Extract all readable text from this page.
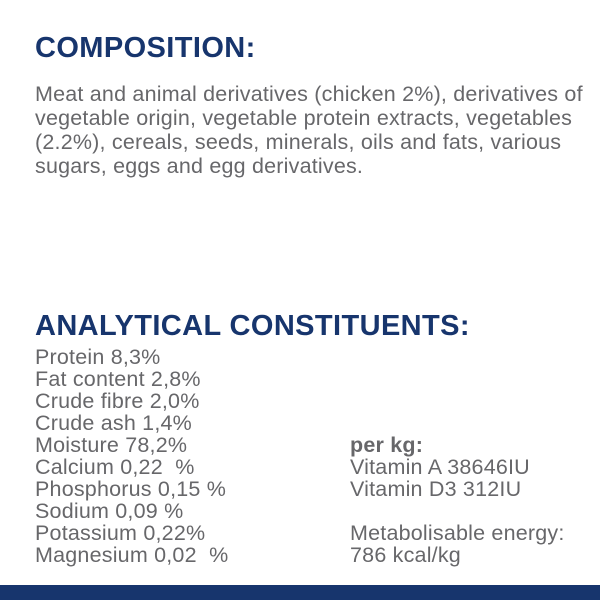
COMPOSITION:

Meat and animal derivatives (chicken 2%), derivatives of vegetable origin, vegetable protein extracts, vegetables (2.2%), cereals, seeds, minerals, oils and fats, various sugars, eggs and egg derivatives.

ANALYTICAL CONSTITUENTS:
Protein 8,3%
Fat content 2,8%
Crude fibre 2,0%
Crude ash 1,4%
Moisture 78,2%
Calcium 0,22  %
Phosphorus 0,15 %
Sodium 0,09 %
Potassium 0,22%
Magnesium 0,02  %
per kg:
Vitamin A 38646IU
Vitamin D3 312IU
Metabolisable energy:
786 kcal/kg
